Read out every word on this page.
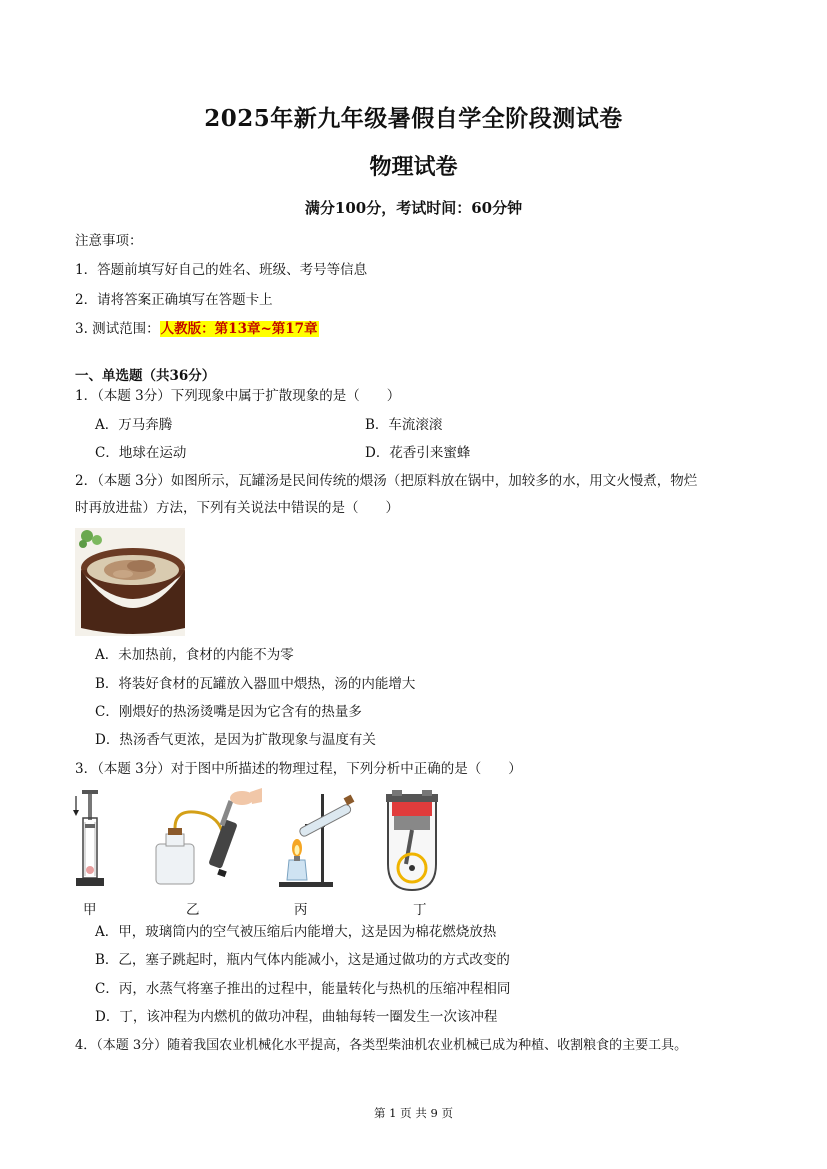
2025年新九年级暑假自学全阶段测试卷
物理试卷
满分100分，考试时间：60分钟
注意事项：
1．答题前填写好自己的姓名、班级、考号等信息
2．请将答案正确填写在答题卡上
3. 测试范围：人教版：第13章~第17章
一、单选题（共36分）
1．（本题 3分）下列现象中属于扩散现象的是（　　）
A．万马奔腾	B．车流滚滚
C．地球在运动	D．花香引来蜜蜂
2．（本题 3分）如图所示，瓦罐汤是民间传统的煨汤（把原料放在锅中，加较多的水，用文火慢煮，物烂
时再放进盐）方法，下列有关说法中错误的是（　　）
A．未加热前，食材的内能不为零
B．将装好食材的瓦罐放入器皿中煨热，汤的内能增大
C．刚煨好的热汤烫嘴是因为它含有的热量多
D．热汤香气更浓，是因为扩散现象与温度有关
3．（本题 3分）对于图中所描述的物理过程，下列分析中正确的是（　　）
甲	乙	丙	丁
A．甲，玻璃筒内的空气被压缩后内能增大，这是因为棉花燃烧放热
B．乙，塞子跳起时，瓶内气体内能减小，这是通过做功的方式改变的
C．丙，水蒸气将塞子推出的过程中，能量转化与热机的压缩冲程相同
D．丁，该冲程为内燃机的做功冲程，曲轴每转一圈发生一次该冲程
4．（本题 3分）随着我国农业机械化水平提高，各类型柴油机农业机械已成为种植、收割粮食的主要工具。
第 1 页 共 9 页
